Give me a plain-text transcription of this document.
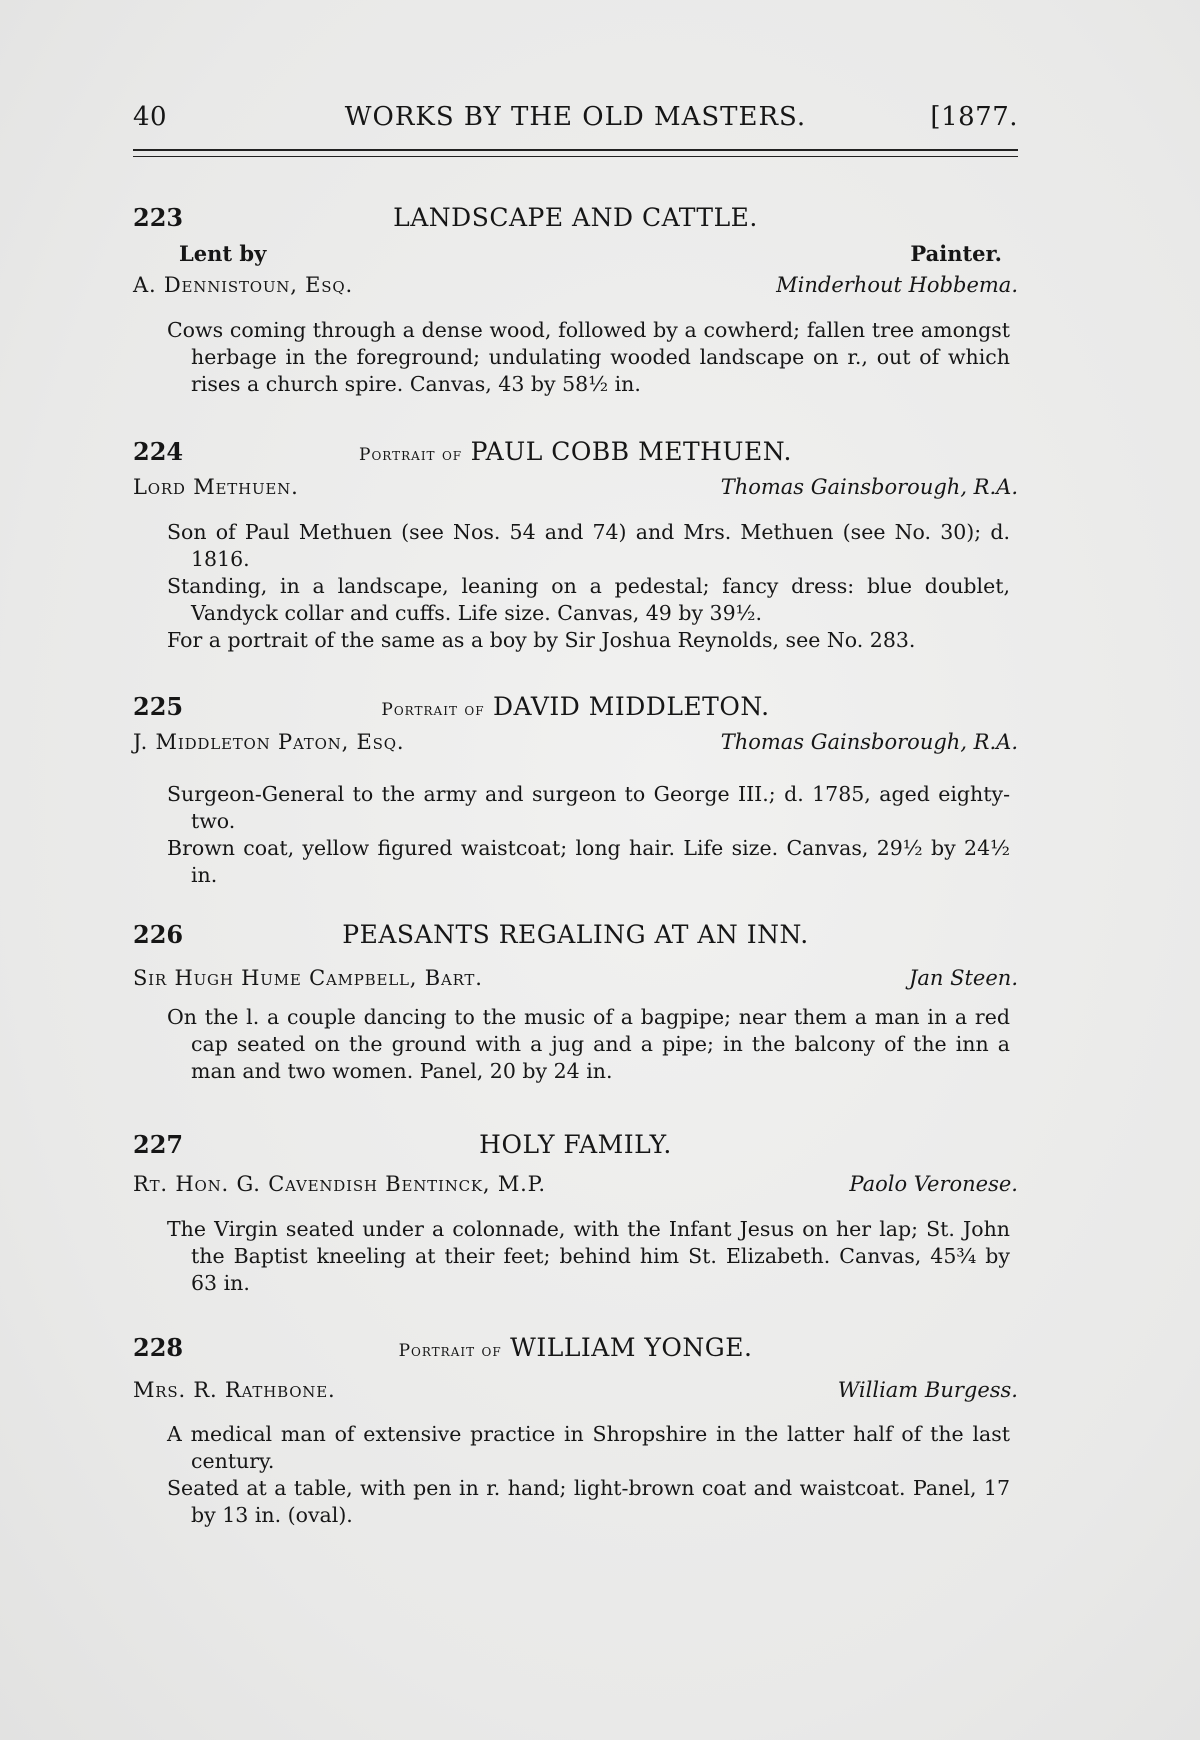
40	WORKS BY THE OLD MASTERS.	[1877.
223	LANDSCAPE AND CATTLE.
Lent by	Painter.
A. Dennistoun, Esq.	Minderhout Hobbema.
Cows coming through a dense wood, followed by a cowherd; fallen tree amongst herbage in the foreground; undulating wooded landscape on r., out of which rises a church spire. Canvas, 43 by 58½ in.
224	Portrait of PAUL COBB METHUEN.
Lord Methuen.	Thomas Gainsborough, R.A.
Son of Paul Methuen (see Nos. 54 and 74) and Mrs. Methuen (see No. 30); d. 1816.
Standing, in a landscape, leaning on a pedestal; fancy dress: blue doublet, Vandyck collar and cuffs. Life size. Canvas, 49 by 39½.
For a portrait of the same as a boy by Sir Joshua Reynolds, see No. 283.
225	Portrait of DAVID MIDDLETON.
J. Middleton Paton, Esq.	Thomas Gainsborough, R.A.
Surgeon-General to the army and surgeon to George III.; d. 1785, aged eighty-two.
Brown coat, yellow figured waistcoat; long hair. Life size. Canvas, 29½ by 24½ in.
226	PEASANTS REGALING AT AN INN.
Sir Hugh Hume Campbell, Bart.	Jan Steen.
On the l. a couple dancing to the music of a bagpipe; near them a man in a red cap seated on the ground with a jug and a pipe; in the balcony of the inn a man and two women. Panel, 20 by 24 in.
227	HOLY FAMILY.
Rt. Hon. G. Cavendish Bentinck, M.P.	Paolo Veronese.
The Virgin seated under a colonnade, with the Infant Jesus on her lap; St. John the Baptist kneeling at their feet; behind him St. Elizabeth. Canvas, 45¾ by 63 in.
228	Portrait of WILLIAM YONGE.
Mrs. R. Rathbone.	William Burgess.
A medical man of extensive practice in Shropshire in the latter half of the last century.
Seated at a table, with pen in r. hand; light-brown coat and waistcoat. Panel, 17 by 13 in. (oval).
